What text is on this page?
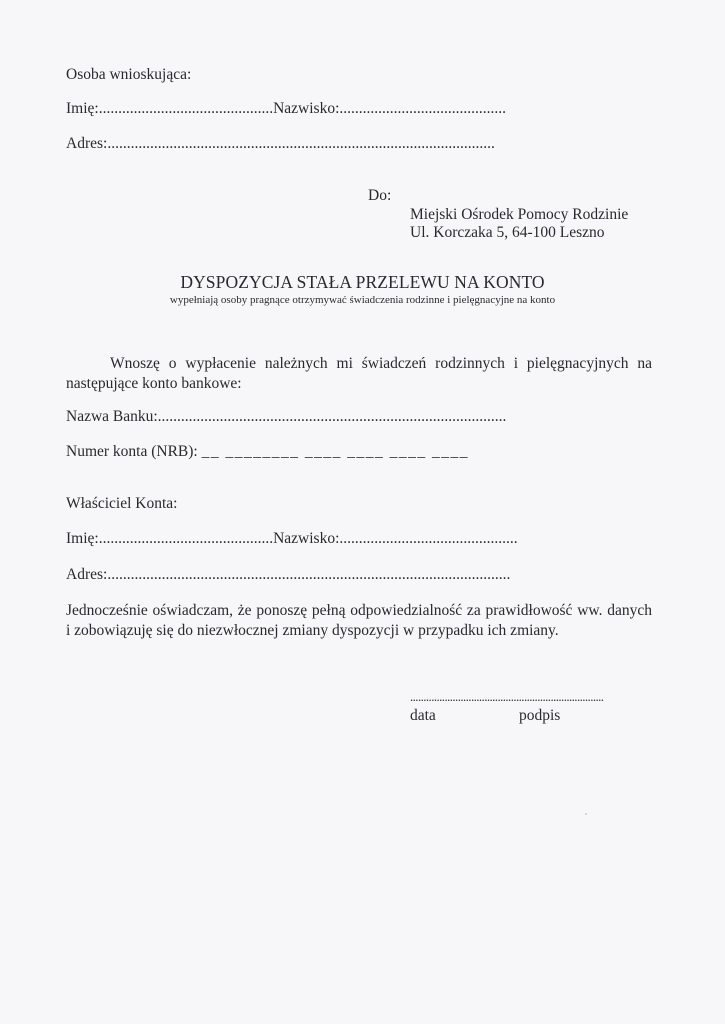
Osoba wnioskująca:
Imię:.............................................Nazwisko:...........................................
Adres:....................................................................................................
Do:
Miejski Ośrodek Pomocy Rodzinie
Ul. Korczaka 5, 64-100 Leszno
DYSPOZYCJA STAŁA PRZELEWU NA KONTO
wypełniają osoby pragnące otrzymywać świadczenia rodzinne i pielęgnacyjne na konto
Wnoszę o wypłacenie należnych mi świadczeń rodzinnych i pielęgnacyjnych na następujące konto bankowe:
Nazwa Banku:..........................................................................................
Numer konta (NRB): __ ________ ____ ____ ____ ____
Właściciel Konta:
Imię:.............................................Nazwisko:..............................................
Adres:........................................................................................................
Jednocześnie oświadczam, że ponoszę pełną odpowiedzialność za prawidłowość ww. danych i zobowiązuję się do niezwłocznej zmiany dyspozycji w przypadku ich zmiany.
.........................................................................
data	podpis
